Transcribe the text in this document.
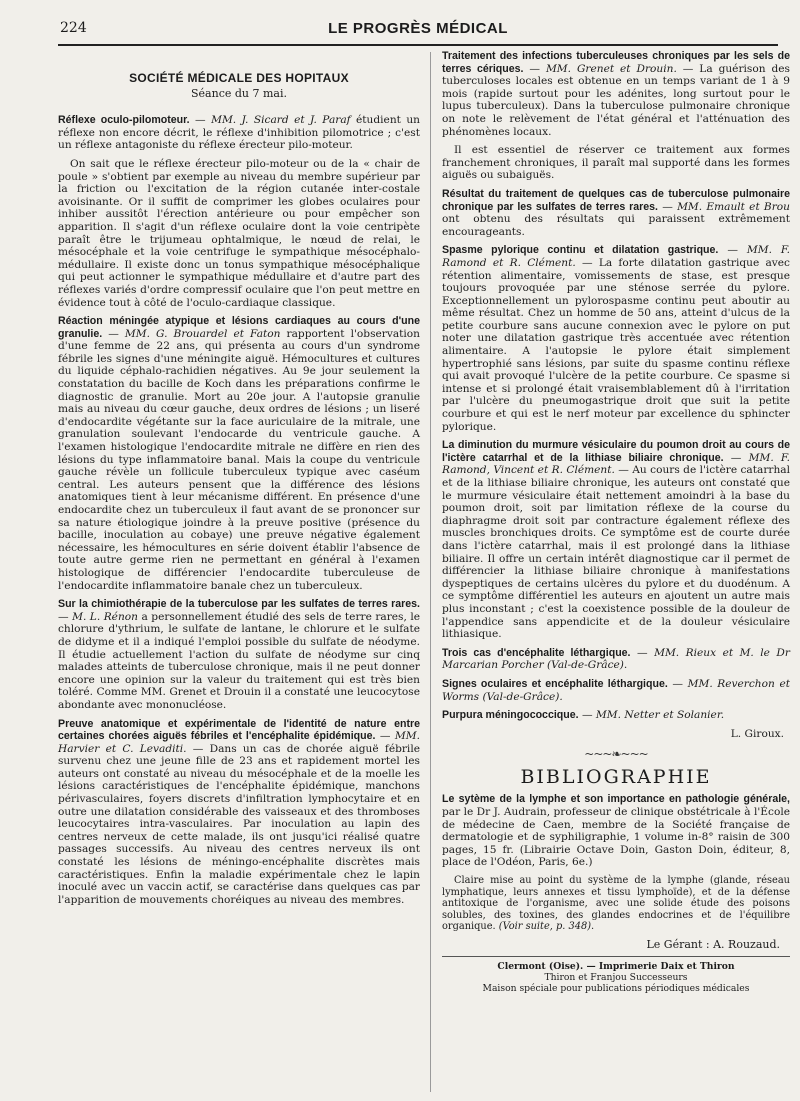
224	LE PROGRÈS MÉDICAL
SOCIÉTÉ MÉDICALE DES HOPITAUX
Séance du 7 mai.

Réflexe oculo-pilomoteur. — MM. J. Sicard et J. Paraf étudient un réflexe non encore décrit, le réflexe d'inhibition pilomotrice ; c'est un réflexe antagoniste du réflexe érecteur pilo-moteur.

On sait que le réflexe érecteur pilo-moteur ou de la « chair de poule » s'obtient par exemple au niveau du membre supérieur par la friction ou l'excitation de la région cutanée inter-costale avoisinante. Or il suffit de comprimer les globes oculaires pour inhiber aussitôt l'érection antérieure ou pour empêcher son apparition. Il s'agit d'un réflexe oculaire dont la voie centripète paraît être le trijumeau ophtalmique, le nœud de relai, le mésocéphale et la voie centrifuge le sympathique mésocéphalo-médullaire. Il existe donc un tonus sympathique mésocéphalique qui peut actionner le sympathique médullaire et d'autre part des réflexes variés d'ordre compressif oculaire que l'on peut mettre en évidence tout à côté de l'oculo-cardiaque classique.

Réaction méningée atypique et lésions cardiaques au cours d'une granulie. — MM. G. Brouardel et Faton rapportent l'observation d'une femme de 22 ans, qui présenta au cours d'un syndrome fébrile les signes d'une méningite aiguë. Hémocultures et cultures du liquide céphalo-rachidien négatives. Au 9e jour seulement la constatation du bacille de Koch dans les préparations confirme le diagnostic de granulie. Mort au 20e jour. A l'autopsie granulie mais au niveau du cœur gauche, deux ordres de lésions ; un liseré d'endocardite végétante sur la face auriculaire de la mitrale, une granulation soulevant l'endocarde du ventricule gauche. A l'examen histologique l'endocardite mitrale ne diffère en rien des lésions du type inflammatoire banal. Mais la coupe du ventricule gauche révèle un follicule tuberculeux typique avec caséum central. Les auteurs pensent que la différence des lésions anatomiques tient à leur mécanisme différent. En présence d'une endocardite chez un tuberculeux il faut avant de se prononcer sur sa nature étiologique joindre à la preuve positive (présence du bacille, inoculation au cobaye) une preuve négative également nécessaire, les hémocultures en série doivent établir l'absence de toute autre germe rien ne permettant en général à l'examen histologique de différencier l'endocardite tuberculeuse de l'endocardite inflammatoire banale chez un tuberculeux.

Sur la chimiothérapie de la tuberculose par les sulfates de terres rares. — M. L. Rénon a personnellement étudié des sels de terre rares, le chlorure d'ythrium, le sulfate de lantane, le chlorure et le sulfate de didyme et il a indiqué l'emploi possible du sulfate de néodyme. Il étudie actuellement l'action du sulfate de néodyme sur cinq malades atteints de tuberculose chronique, mais il ne peut donner encore une opinion sur la valeur du traitement qui est très bien toléré. Comme MM. Grenet et Drouin il a constaté une leucocytose abondante avec mononucléose.

Preuve anatomique et expérimentale de l'identité de nature entre certaines chorées aiguës fébriles et l'encéphalite épidémique. — MM. Harvier et C. Levaditi. — Dans un cas de chorée aiguë fébrile survenu chez une jeune fille de 23 ans et rapidement mortel les auteurs ont constaté au niveau du mésocéphale et de la moelle les lésions caractéristiques de l'encéphalite épidémique, manchons périvasculaires, foyers discrets d'infiltration lymphocytaire et en outre une dilatation considérable des vaisseaux et des thromboses leucocytaires intra-vasculaires. Par inoculation au lapin des centres nerveux de cette malade, ils ont jusqu'ici réalisé quatre passages successifs. Au niveau des centres nerveux ils ont constaté les lésions de méningo-encéphalite discrètes mais caractéristiques. Enfin la maladie expérimentale chez le lapin inoculé avec un vaccin actif, se caractérise dans quelques cas par l'apparition de mouvements choréiques au niveau des membres.

Traitement des infections tuberculeuses chroniques par les sels de terres cériques. — MM. Grenet et Drouin. — La guérison des tuberculoses locales est obtenue en un temps variant de 1 à 9 mois (rapide surtout pour les adénites, long surtout pour le lupus tuberculeux). Dans la tuberculose pulmonaire chronique on note le relèvement de l'état général et l'atténuation des phénomènes locaux.

Il est essentiel de réserver ce traitement aux formes franchement chroniques, il paraît mal supporté dans les formes aiguës ou subaiguës.

Résultat du traitement de quelques cas de tuberculose pulmonaire chronique par les sulfates de terres rares. — MM. Emault et Brou ont obtenu des résultats qui paraissent extrêmement encourageants.

Spasme pylorique continu et dilatation gastrique. — MM. F. Ramond et R. Clément. — La forte dilatation gastrique avec rétention alimentaire, vomissements de stase, est presque toujours provoquée par une sténose serrée du pylore. Exceptionnellement un pylorospasme continu peut aboutir au même résultat. Chez un homme de 50 ans, atteint d'ulcus de la petite courbure sans aucune connexion avec le pylore on put noter une dilatation gastrique très accentuée avec rétention alimentaire. A l'autopsie le pylore était simplement hypertrophié sans lésions, par suite du spasme continu réflexe qui avait provoqué l'ulcère de la petite courbure. Ce spasme si intense et si prolongé était vraisemblablement dû à l'irritation par l'ulcère du pneumogastrique droit que suit la petite courbure et qui est le nerf moteur par excellence du sphincter pylorique.

La diminution du murmure vésiculaire du poumon droit au cours de l'ictère catarrhal et de la lithiase biliaire chronique. — MM. F. Ramond, Vincent et R. Clément. — Au cours de l'ictère catarrhal et de la lithiase biliaire chronique, les auteurs ont constaté que le murmure vésiculaire était nettement amoindri à la base du poumon droit, soit par limitation réflexe de la course du diaphragme droit soit par contracture également réflexe des muscles bronchiques droits. Ce symptôme est de courte durée dans l'ictère catarrhal, mais il est prolongé dans la lithiase biliaire. Il offre un certain intérêt diagnostique car il permet de différencier la lithiase biliaire chronique à manifestations dyspeptiques de certains ulcères du pylore et du duodénum. A ce symptôme différentiel les auteurs en ajoutent un autre mais plus inconstant ; c'est la coexistence possible de la douleur de l'appendice sans appendicite et de la douleur vésiculaire lithiasique.

Trois cas d'encéphalite léthargique. — MM. Rieux et M. le Dr Marcarian Porcher (Val-de-Grâce).

Signes oculaires et encéphalite léthargique. — MM. Reverchon et Worms (Val-de-Grâce).

Purpura méningococcique. — MM. Netter et Solanier.

L. Giroux.
~~~❧~~~
BIBLIOGRAPHIE

Le sytème de la lymphe et son importance en pathologie générale, par le Dr J. Audrain, professeur de clinique obstétricale à l'École de médecine de Caen, membre de la Société française de dermatologie et de syphiligraphie, 1 volume in-8° raisin de 300 pages, 15 fr. (Librairie Octave Doin, Gaston Doin, éditeur, 8, place de l'Odéon, Paris, 6e.)

Claire mise au point du système de la lymphe (glande, réseau lymphatique, leurs annexes et tissu lymphoïde), et de la défense antitoxique de l'organisme, avec une solide étude des poisons solubles, des toxines, des glandes endocrines et de l'équilibre organique. (Voir suite, p. 348).

Le Gérant : A. Rouzaud.
Clermont (Oise). — Imprimerie Daix et Thiron
Thiron et Franjou Successeurs
Maison spéciale pour publications périodiques médicales
